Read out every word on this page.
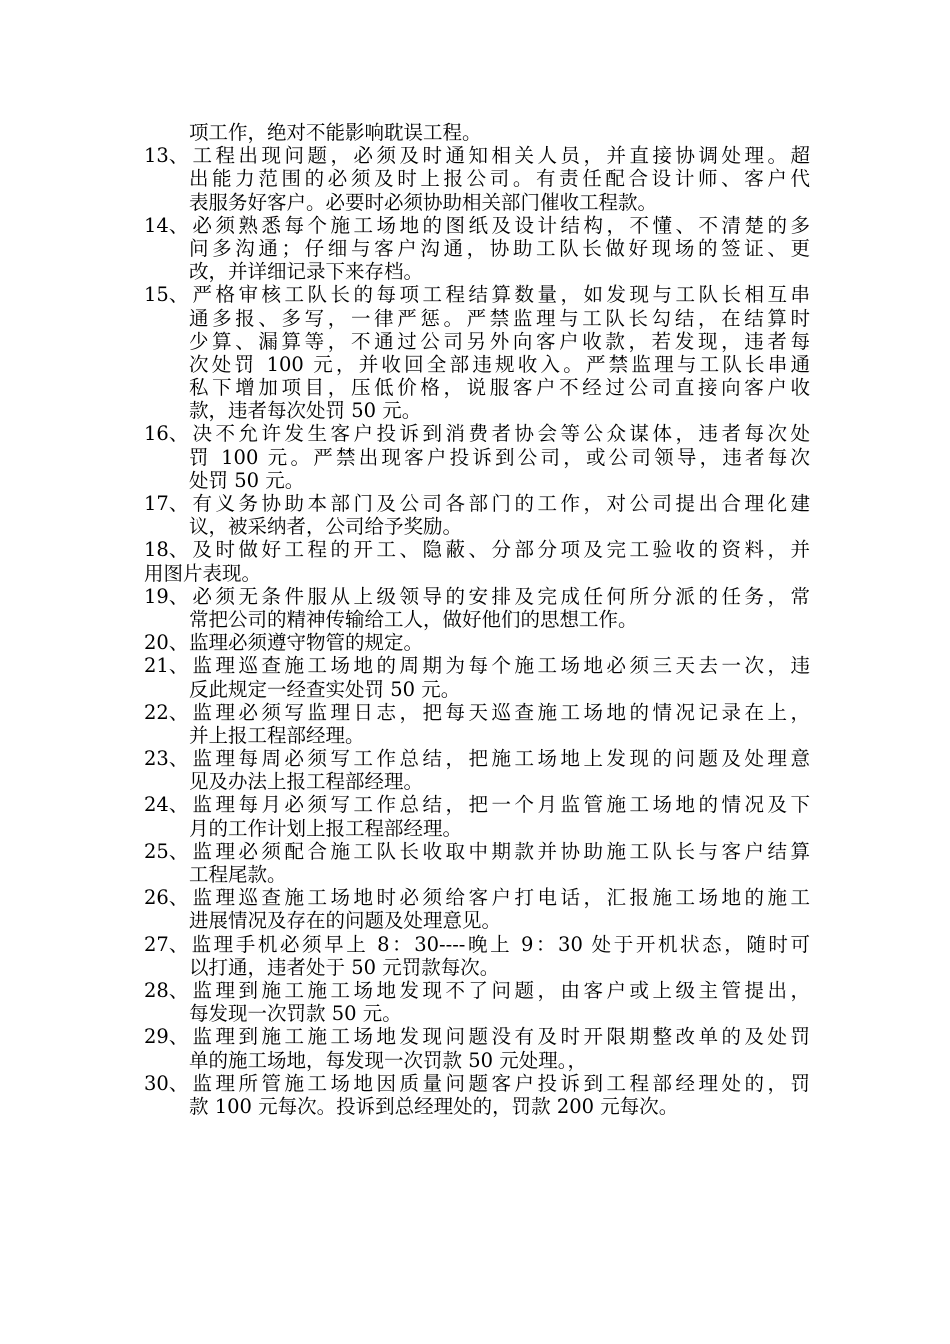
项工作，绝对不能影响耽误工程。
13、工程出现问题，必须及时通知相关人员，并直接协调处理。超
出能力范围的必须及时上报公司。有责任配合设计师、客户代
表服务好客户。必要时必须协助相关部门催收工程款。
14、必须熟悉每个施工场地的图纸及设计结构，不懂、不清楚的多
问多沟通；仔细与客户沟通，协助工队长做好现场的签证、更
改，并详细记录下来存档。
15、严格审核工队长的每项工程结算数量，如发现与工队长相互串
通多报、多写，一律严惩。严禁监理与工队长勾结，在结算时
少算、漏算等，不通过公司另外向客户收款，若发现，违者每
次处罚 100 元，并收回全部违规收入。严禁监理与工队长串通
私下增加项目，压低价格，说服客户不经过公司直接向客户收
款，违者每次处罚 50 元。
16、决不允许发生客户投诉到消费者协会等公众谋体，违者每次处
罚 100 元。严禁出现客户投诉到公司，或公司领导，违者每次
处罚 50 元。
17、有义务协助本部门及公司各部门的工作，对公司提出合理化建
议，被采纳者，公司给予奖励。
18、及时做好工程的开工、隐蔽、分部分项及完工验收的资料，并
用图片表现。
19、必须无条件服从上级领导的安排及完成任何所分派的任务，常
常把公司的精神传输给工人，做好他们的思想工作。
20、监理必须遵守物管的规定。
21、监理巡查施工场地的周期为每个施工场地必须三天去一次，违
反此规定一经查实处罚 50 元。
22、监理必须写监理日志，把每天巡查施工场地的情况记录在上，
并上报工程部经理。
23、监理每周必须写工作总结，把施工场地上发现的问题及处理意
见及办法上报工程部经理。
24、监理每月必须写工作总结，把一个月监管施工场地的情况及下
月的工作计划上报工程部经理。
25、监理必须配合施工队长收取中期款并协助施工队长与客户结算
工程尾款。
26、监理巡查施工场地时必须给客户打电话，汇报施工场地的施工
进展情况及存在的问题及处理意见。
27、监理手机必须早上 8：30----晚上 9：30 处于开机状态，随时可
以打通，违者处于 50 元罚款每次。
28、监理到施工施工场地发现不了问题，由客户或上级主管提出，
每发现一次罚款 50 元。
29、监理到施工施工场地发现问题没有及时开限期整改单的及处罚
单的施工场地，每发现一次罚款 50 元处理。，
30、监理所管施工场地因质量问题客户投诉到工程部经理处的，罚
款 100 元每次。投诉到总经理处的，罚款 200 元每次。
